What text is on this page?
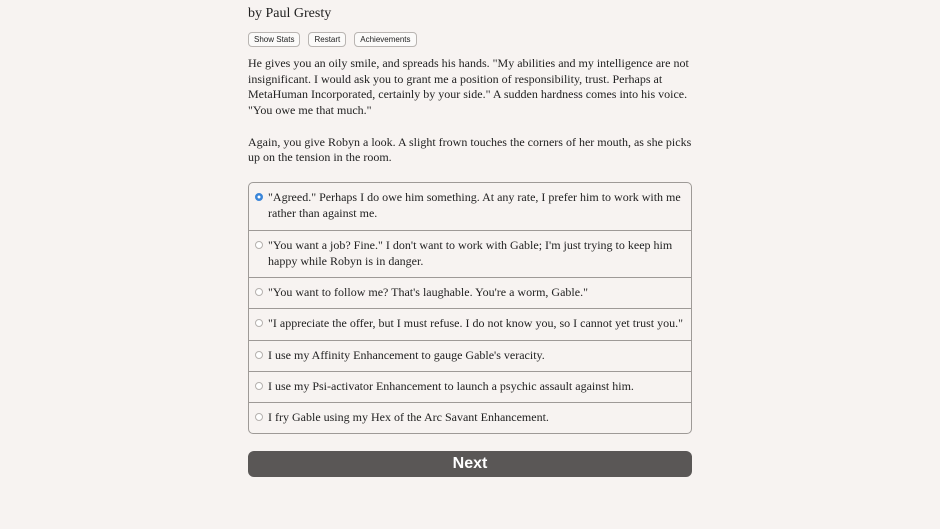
by Paul Gresty
Show Stats	Restart	Achievements

He gives you an oily smile, and spreads his hands. "My abilities and my intelligence are not insignificant. I would ask you to grant me a position of responsibility, trust. Perhaps at MetaHuman Incorporated, certainly by your side." A sudden hardness comes into his voice. "You owe me that much."

Again, you give Robyn a look. A slight frown touches the corners of her mouth, as she picks up on the tension in the room.

"Agreed." Perhaps I do owe him something. At any rate, I prefer him to work with me rather than against me.
"You want a job? Fine." I don't want to work with Gable; I'm just trying to keep him happy while Robyn is in danger.
"You want to follow me? That's laughable. You're a worm, Gable."
"I appreciate the offer, but I must refuse. I do not know you, so I cannot yet trust you."
I use my Affinity Enhancement to gauge Gable's veracity.
I use my Psi-activator Enhancement to launch a psychic assault against him.
I fry Gable using my Hex of the Arc Savant Enhancement.
Next
